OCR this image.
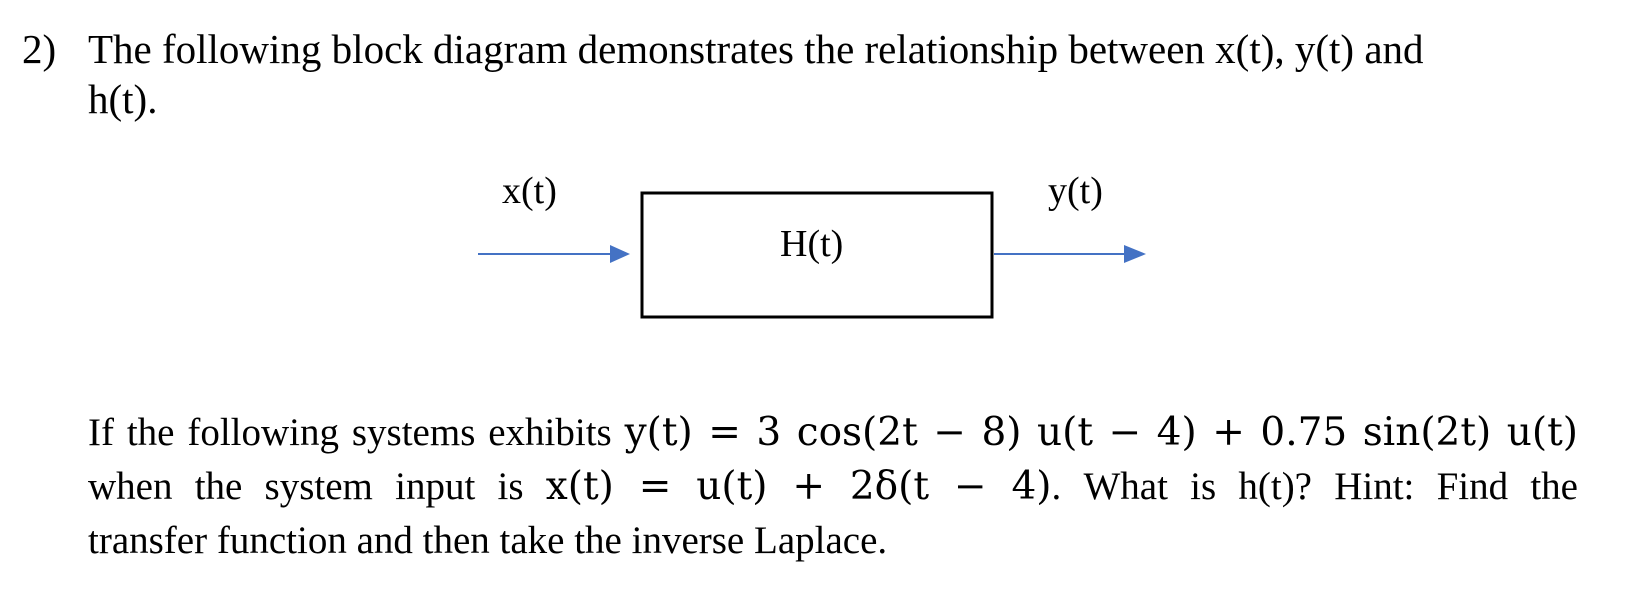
2) The following block diagram demonstrates the relationship between x(t), y(t) and
h(t).
x(t)	y(t)
H(t)
If the following systems exhibits y(t) = 3 cos(2t − 8) u(t − 4) + 0.75 sin(2t) u(t)
when the system input is x(t) = u(t) + 2δ(t − 4). What is h(t)? Hint: Find the
transfer function and then take the inverse Laplace.
